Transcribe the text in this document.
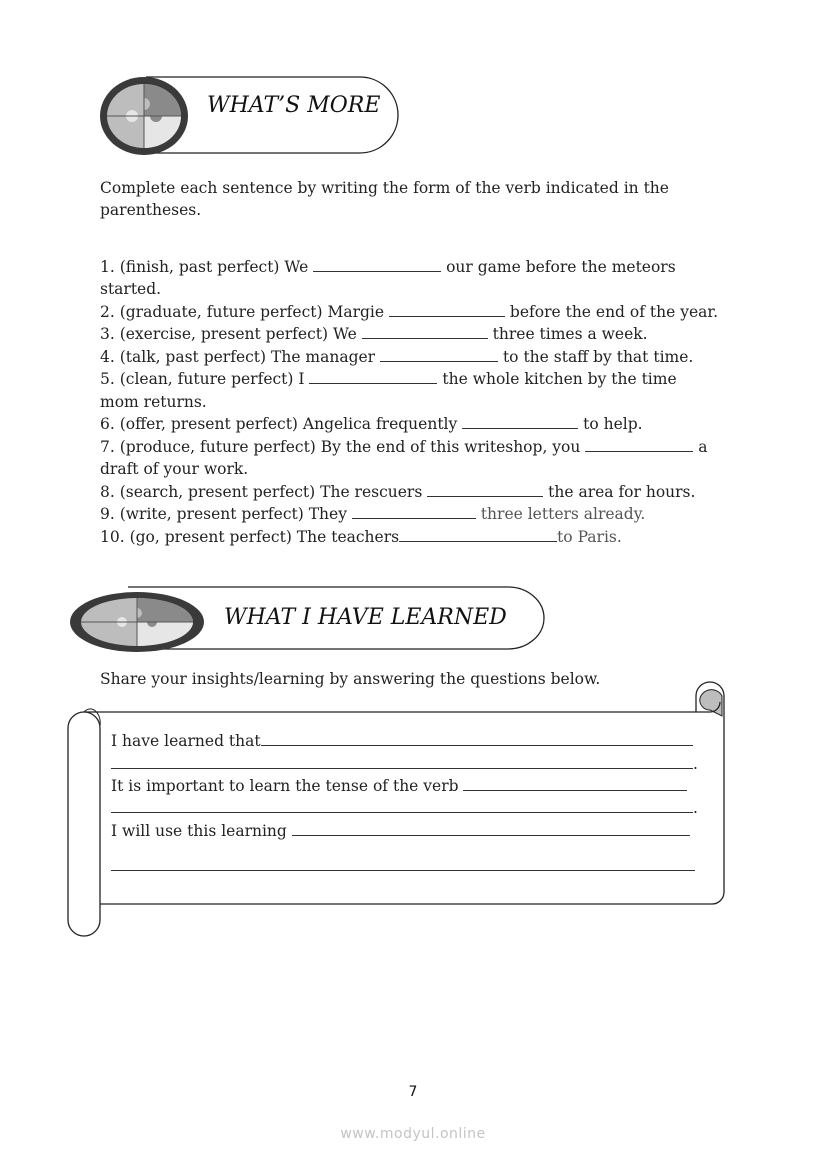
WHAT’S MORE
Complete each sentence by writing the form of the verb indicated in the
parentheses.
1. (finish, past perfect) We	our game before the meteors
started.
2. (graduate, future perfect) Margie	before the end of the year.
3. (exercise, present perfect) We	three times a week.
4. (talk, past perfect) The manager	to the staff by that time.
5. (clean, future perfect) I	the whole kitchen by the time
mom returns.
6. (offer, present perfect) Angelica frequently	to help.
7. (produce, future perfect) By the end of this writeshop, you	a
draft of your work.
8. (search, present perfect) The rescuers	the area for hours.
9. (write, present perfect) They	three letters already.
10. (go, present perfect) The teachers	to Paris.
WHAT I HAVE LEARNED
Share your insights/learning by answering the questions below.
I have learned that
.
It is important to learn the tense of the verb
.
I will use this learning
7
www.modyul.online
